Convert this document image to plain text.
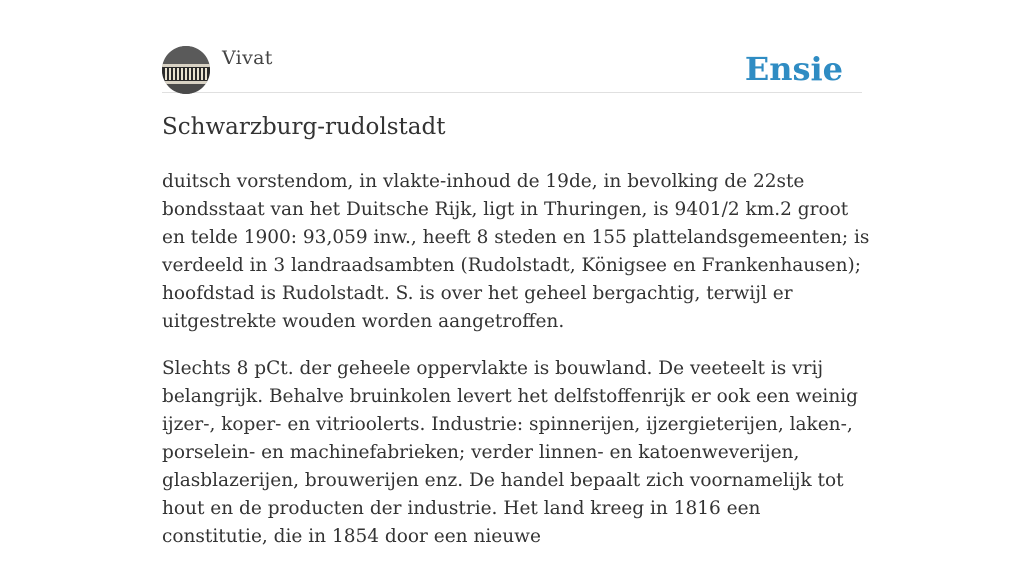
Vivat	Ensie
Schwarzburg-rudolstadt

duitsch vorstendom, in vlakte-inhoud de 19de, in bevolking de 22ste bondsstaat van het Duitsche Rijk, ligt in Thuringen, is 9401/2 km.2 groot en telde 1900: 93,059 inw., heeft 8 steden en 155 plattelandsgemeenten; is verdeeld in 3 landraadsambten (Rudolstadt, Königsee en Frankenhausen); hoofdstad is Rudolstadt. S. is over het geheel bergachtig, terwijl er uitgestrekte wouden worden aangetroffen.

Slechts 8 pCt. der geheele oppervlakte is bouwland. De veeteelt is vrij belangrijk. Behalve bruinkolen levert het delfstoffenrijk er ook een weinig ijzer-, koper- en vitrioolerts. Industrie: spinnerijen, ijzergieterijen, laken-, porselein- en machinefabrieken; verder linnen- en katoenweverijen, glasblazerijen, brouwerijen enz. De handel bepaalt zich voornamelijk tot hout en de producten der industrie. Het land kreeg in 1816 een constitutie, die in 1854 door een nieuwe
